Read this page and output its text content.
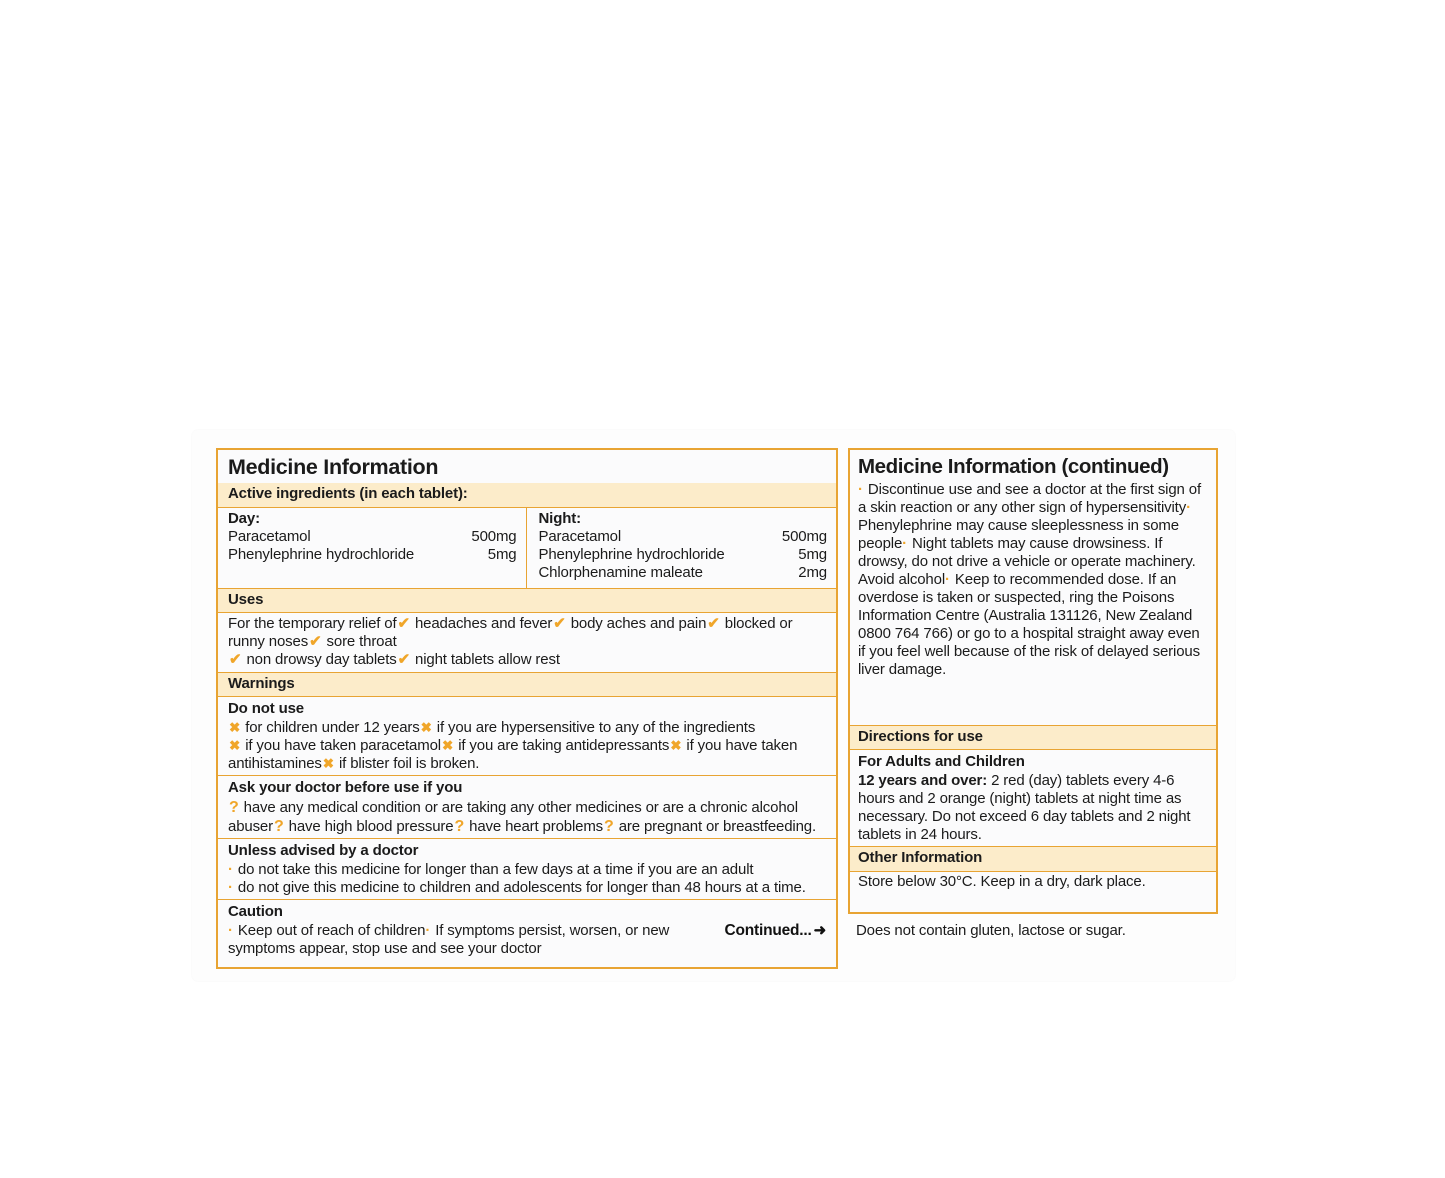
Medicine Information
Active ingredients (in each tablet):
Day:
Paracetamol	500mg
Phenylephrine hydrochloride	5mg
Night:
Paracetamol	500mg
Phenylephrine hydrochloride	5mg
Chlorphenamine maleate	2mg
Uses
For the temporary relief of✔ headaches and fever✔ body aches and pain✔ blocked or runny noses✔ sore throat
✔ non drowsy day tablets✔ night tablets allow rest
Warnings
Do not use
✖ for children under 12 years✖ if you are hypersensitive to any of the ingredients
✖ if you have taken paracetamol✖ if you are taking antidepressants✖ if you have taken antihistamines✖ if blister foil is broken.
Ask your doctor before use if you
? have any medical condition or are taking any other medicines or are a chronic alcohol abuser? have high blood pressure? have heart problems? are pregnant or breastfeeding.
Unless advised by a doctor
· do not take this medicine for longer than a few days at a time if you are an adult
· do not give this medicine to children and adolescents for longer than 48 hours at a time.
Caution
Continued... ➜
· Keep out of reach of children· If symptoms persist, worsen, or new symptoms appear, stop use and see your doctor
Medicine Information (continued)
· Discontinue use and see a doctor at the first sign of a skin reaction or any other sign of hypersensitivity· Phenylephrine may cause sleeplessness in some people· Night tablets may cause drowsiness. If drowsy, do not drive a vehicle or operate machinery. Avoid alcohol· Keep to recommended dose. If an overdose is taken or suspected, ring the Poisons Information Centre (Australia 131126, New Zealand 0800 764 766) or go to a hospital straight away even if you feel well because of the risk of delayed serious liver damage.
Directions for use
For Adults and Children
12 years and over: 2 red (day) tablets every 4-6 hours and 2 orange (night) tablets at night time as necessary. Do not exceed 6 day tablets and 2 night tablets in 24 hours.
Other Information
Store below 30°C. Keep in a dry, dark place.
Does not contain gluten, lactose or sugar.
